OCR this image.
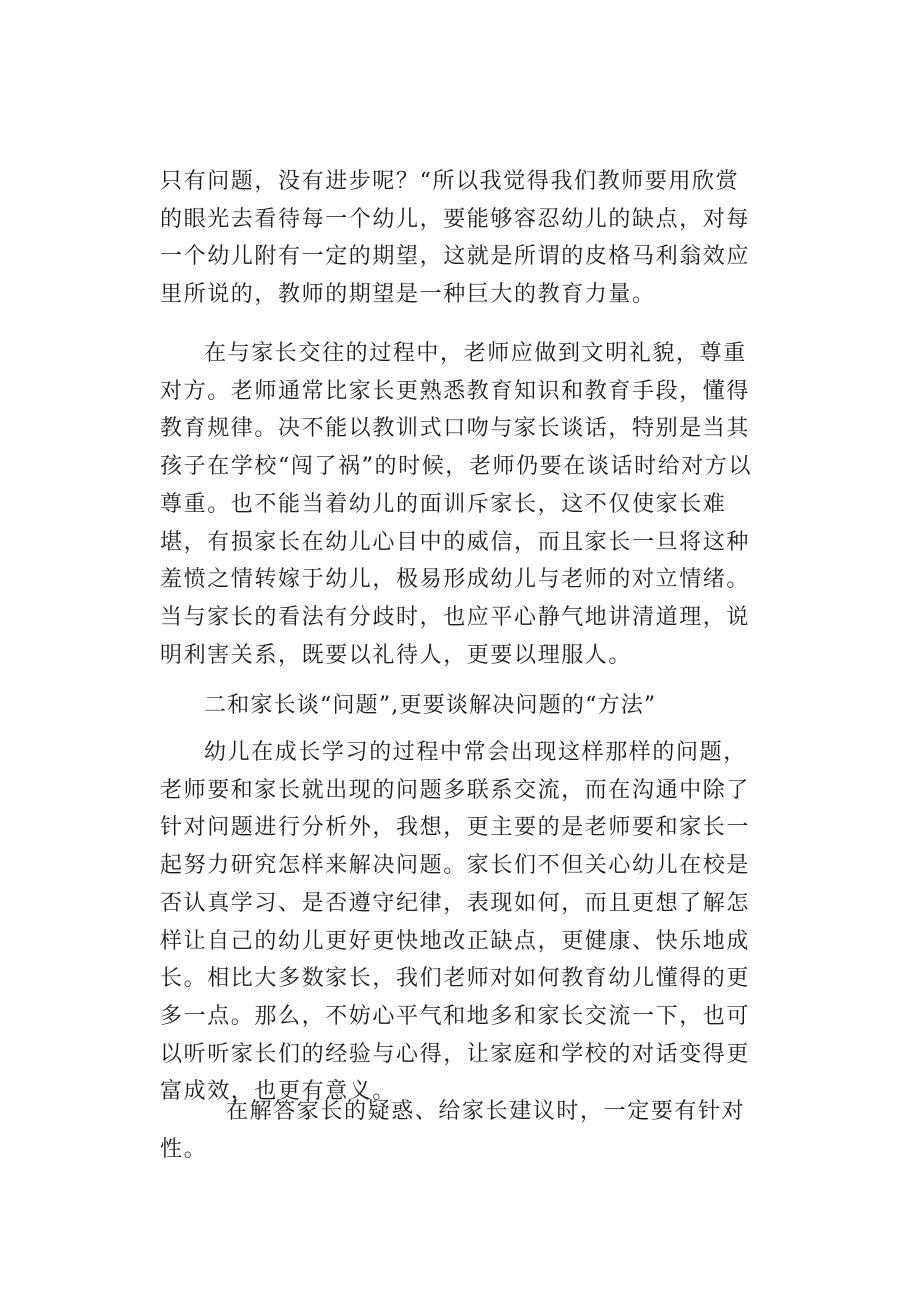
只有问题，没有进步呢？“所以我觉得我们教师要用欣赏的眼光去看待每一个幼儿，要能够容忍幼儿的缺点，对每一个幼儿附有一定的期望，这就是所谓的皮格马利翁效应里所说的，教师的期望是一种巨大的教育力量。

在与家长交往的过程中，老师应做到文明礼貌，尊重对方。老师通常比家长更熟悉教育知识和教育手段，懂得教育规律。决不能以教训式口吻与家长谈话，特别是当其孩子在学校“闯了祸”的时候，老师仍要在谈话时给对方以尊重。也不能当着幼儿的面训斥家长，这不仅使家长难堪，有损家长在幼儿心目中的威信，而且家长一旦将这种羞愤之情转嫁于幼儿，极易形成幼儿与老师的对立情绪。当与家长的看法有分歧时，也应平心静气地讲清道理，说明利害关系，既要以礼待人，更要以理服人。

二和家长谈“问题”,更要谈解决问题的“方法”

幼儿在成长学习的过程中常会出现这样那样的问题，老师要和家长就出现的问题多联系交流，而在沟通中除了针对问题进行分析外，我想，更主要的是老师要和家长一起努力研究怎样来解决问题。家长们不但关心幼儿在校是否认真学习、是否遵守纪律，表现如何，而且更想了解怎样让自己的幼儿更好更快地改正缺点，更健康、快乐地成长。相比大多数家长，我们老师对如何教育幼儿懂得的更多一点。那么，不妨心平气和地多和家长交流一下，也可以听听家长们的经验与心得，让家庭和学校的对话变得更富成效，也更有意义。

在解答家长的疑惑、给家长建议时，一定要有针对性。
